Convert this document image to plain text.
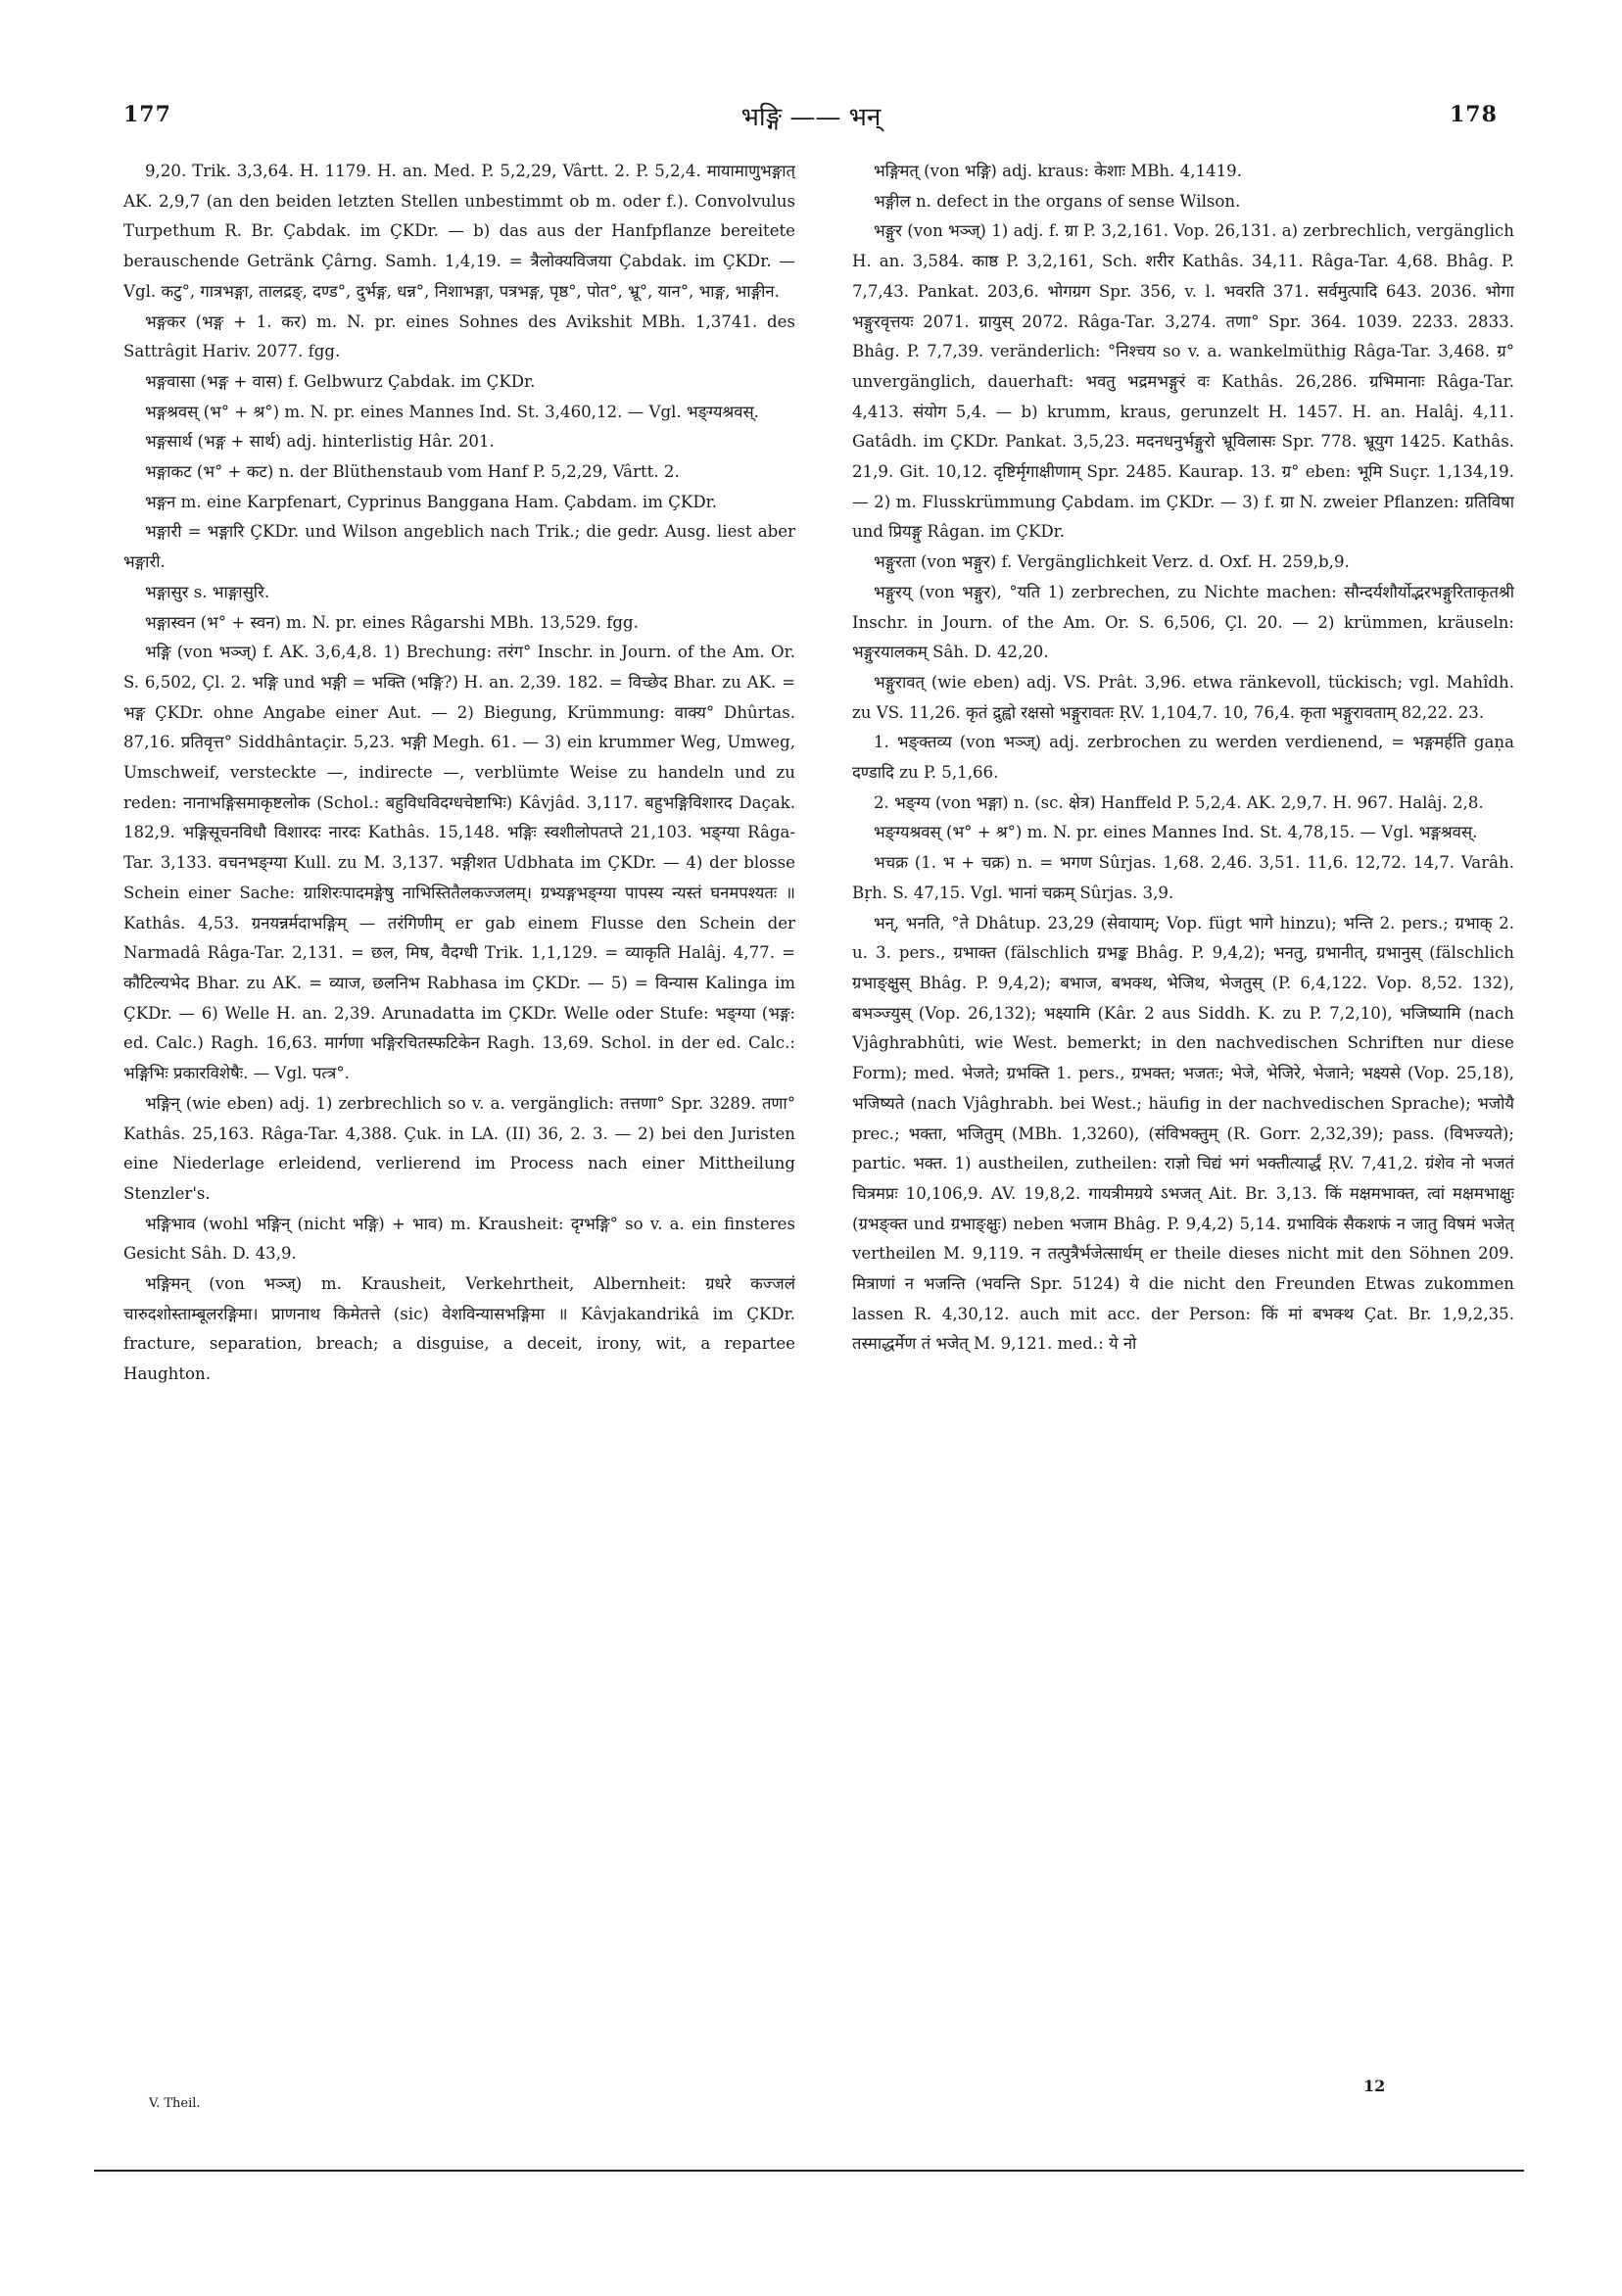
177	भङ्गि —— भन्	178

9,20. Trik. 3,3,64. H. 1179. H. an. Med. P. 5,2,29, Vârtt. 2. P. 5,2,4. मायामाणुभङ्गात् AK. 2,9,7 (an den beiden letzten Stellen unbestimmt ob m. oder f.). Convolvulus Turpethum R. Br. Çabdak. im ÇKDr. — b) das aus der Hanfpflanze bereitete berauschende Getränk Çârng. Samh. 1,4,19. = त्रैलोक्यविजया Çabdak. im ÇKDr. — Vgl. कटु°, गात्रभङ्गा, तालद्रङ्, दण्ड°, दुर्भङ्ग, धन्न°, निशाभङ्गा, पत्रभङ्ग, पृष्ठ°, पोत°, भ्रू°, यान°, भाङ्ग, भाङ्गीन.

भङ्गकर (भङ्ग + 1. कर) m. N. pr. eines Sohnes des Avikshit MBh. 1,3741. des Sattrâgit Hariv. 2077. fgg.

भङ्गवासा (भङ्ग + वास) f. Gelbwurz Çabdak. im ÇKDr.

भङ्गश्रवस् (भ° + श्र°) m. N. pr. eines Mannes Ind. St. 3,460,12. — Vgl. भङ्ग्यश्रवस्.

भङ्गसार्थ (भङ्ग + सार्थ) adj. hinterlistig Hâr. 201.

भङ्गाकट (भ° + कट) n. der Blüthenstaub vom Hanf P. 5,2,29, Vârtt. 2.

भङ्गन m. eine Karpfenart, Cyprinus Banggana Ham. Çabdam. im ÇKDr.

भङ्गारी = भङ्गारि ÇKDr. und Wilson angeblich nach Trik.; die gedr. Ausg. liest aber भङ्गारी.

भङ्गासुर s. भाङ्गासुरि.

भङ्गास्वन (भ° + स्वन) m. N. pr. eines Râgarshi MBh. 13,529. fgg.

भङ्गि (von भञ्ज्) f. AK. 3,6,4,8. 1) Brechung: तरंग° Inschr. in Journ. of the Am. Or. S. 6,502, Çl. 2. भङ्गि und भङ्गी = भक्ति (भङ्गि?) H. an. 2,39. 182. = विच्छेद Bhar. zu AK. = भङ्ग ÇKDr. ohne Angabe einer Aut. — 2) Biegung, Krümmung: वाक्य° Dhûrtas. 87,16. प्रतिवृत्त° Siddhântaçir. 5,23. भङ्गी Megh. 61. — 3) ein krummer Weg, Umweg, Umschweif, versteckte —, indirecte —, verblümte Weise zu handeln und zu reden: नानाभङ्गिसमाकृष्टलोक (Schol.: बहुविधविदग्धचेष्टाभिः) Kâvjâd. 3,117. बहुभङ्गिविशारद Daçak. 182,9. भङ्गिसूचनविधौ विशारदः नारदः Kathâs. 15,148. भङ्गिः स्वशीलोपतप्ते 21,103. भङ्ग्या Râga-Tar. 3,133. वचनभङ्ग्या Kull. zu M. 3,137. भङ्गीशत Udbhata im ÇKDr. — 4) der blosse Schein einer Sache: ग्राशिरःपादमङ्गेषु नाभिस्तितैलकज्जलम्। ग्रभ्यङ्गभङ्ग्या पापस्य न्यस्तं घनमपश्यतः ॥ Kathâs. 4,53. ग्रनयन्नर्मदाभङ्गिम् — तरंगिणीम् er gab einem Flusse den Schein der Narmadâ Râga-Tar. 2,131. = छल, मिष, वैदग्धी Trik. 1,1,129. = व्याकृति Halâj. 4,77. = कौटिल्यभेद Bhar. zu AK. = व्याज, छलनिभ Rabhasa im ÇKDr. — 5) = विन्यास Kalinga im ÇKDr. — 6) Welle H. an. 2,39. Arunadatta im ÇKDr. Welle oder Stufe: भङ्ग्या (भङ्ग: ed. Calc.) Ragh. 16,63. मार्गणा भङ्गिरचितस्फटिकेन Ragh. 13,69. Schol. in der ed. Calc.: भङ्गिभिः प्रकारविशेषैः. — Vgl. पत्त्र°.

भङ्गिन् (wie eben) adj. 1) zerbrechlich so v. a. vergänglich: तत्तणा° Spr. 3289. तणा° Kathâs. 25,163. Râga-Tar. 4,388. Çuk. in LA. (II) 36, 2. 3. — 2) bei den Juristen eine Niederlage erleidend, verlierend im Process nach einer Mittheilung Stenzler's.

भङ्गिभाव (wohl भङ्गिन् (nicht भङ्गि) + भाव) m. Krausheit: दृग्भङ्गि° so v. a. ein finsteres Gesicht Sâh. D. 43,9.

भङ्गिमन् (von भञ्ज्) m. Krausheit, Verkehrtheit, Albernheit: ग्रधरे कज्जलं चारुदशोस्ताम्बूलरङ्गिमा। प्राणनाथ किमेतत्ते (sic) वेशविन्यासभङ्गिमा ॥ Kâvjakandrikâ im ÇKDr. fracture, separation, breach; a disguise, a deceit, irony, wit, a repartee Haughton.

भङ्गिमत् (von भङ्गि) adj. kraus: केशाः MBh. 4,1419.

भङ्गील n. defect in the organs of sense Wilson.

भङ्गुर (von भञ्ज्) 1) adj. f. ग्रा P. 3,2,161. Vop. 26,131. a) zerbrechlich, vergänglich H. an. 3,584. काष्ठ P. 3,2,161, Sch. शरीर Kathâs. 34,11. Râga-Tar. 4,68. Bhâg. P. 7,7,43. Pankat. 203,6. भोगग्रग Spr. 356, v. l. भवरति 371. सर्वमुत्पादि 643. 2036. भोगा भङ्गुरवृत्तयः 2071. ग्रायुस् 2072. Râga-Tar. 3,274. तणा° Spr. 364. 1039. 2233. 2833. Bhâg. P. 7,7,39. veränderlich: °निश्चय so v. a. wankelmüthig Râga-Tar. 3,468. ग्र° unvergänglich, dauerhaft: भवतु भद्रमभङ्गुरं वः Kathâs. 26,286. ग्रभिमानाः Râga-Tar. 4,413. संयोग 5,4. — b) krumm, kraus, gerunzelt H. 1457. H. an. Halâj. 4,11. Gatâdh. im ÇKDr. Pankat. 3,5,23. मदनधनुर्भङ्गुरो भ्रूविलासः Spr. 778. भ्रूयुग 1425. Kathâs. 21,9. Git. 10,12. दृष्टिर्मृगाक्षीणाम् Spr. 2485. Kaurap. 13. ग्र° eben: भूमि Suçr. 1,134,19. — 2) m. Flusskrümmung Çabdam. im ÇKDr. — 3) f. ग्रा N. zweier Pflanzen: ग्रतिविषा und प्रियङ्गु Râgan. im ÇKDr.

भङ्गुरता (von भङ्गुर) f. Vergänglichkeit Verz. d. Oxf. H. 259,b,9.

भङ्गुरय् (von भङ्गुर), °यति 1) zerbrechen, zu Nichte machen: सौन्दर्यशौर्योद्भरभङ्गुरिताकृतश्री Inschr. in Journ. of the Am. Or. S. 6,506, Çl. 20. — 2) krümmen, kräuseln: भङ्गुरयालकम् Sâh. D. 42,20.

भङ्गुरावत् (wie eben) adj. VS. Prât. 3,96. etwa ränkevoll, tückisch; vgl. Mahîdh. zu VS. 11,26. कृतं द्रुह्वो रक्षसो भङ्गुरावतः ṚV. 1,104,7. 10, 76,4. कृता भङ्गुरावताम् 82,22. 23.

1. भङ्क्तव्य (von भञ्ज्) adj. zerbrochen zu werden verdienend, = भङ्गमर्हति gaṇa दण्डादि zu P. 5,1,66.

2. भङ्ग्य (von भङ्गा) n. (sc. क्षेत्र) Hanffeld P. 5,2,4. AK. 2,9,7. H. 967. Halâj. 2,8.

भङ्ग्यश्रवस् (भ° + श्र°) m. N. pr. eines Mannes Ind. St. 4,78,15. — Vgl. भङ्गश्रवस्.

भचक्र (1. भ + चक्र) n. = भगण Sûrjas. 1,68. 2,46. 3,51. 11,6. 12,72. 14,7. Varâh. Bṛh. S. 47,15. Vgl. भानां चक्रम् Sûrjas. 3,9.

भन्, भनति, °ते Dhâtup. 23,29 (सेवायाम्; Vop. fügt भागे hinzu); भन्ति 2. pers.; ग्रभाक् 2. u. 3. pers., ग्रभाक्त (fälschlich ग्रभङ्क Bhâg. P. 9,4,2); भनतु, ग्रभानीत्, ग्रभानुस् (fälschlich ग्रभाङ्क्षुस् Bhâg. P. 9,4,2); बभाज, बभक्थ, भेजिथ, भेजतुस् (P. 6,4,122. Vop. 8,52. 132), बभञ्ज्युस् (Vop. 26,132); भक्ष्यामि (Kâr. 2 aus Siddh. K. zu P. 7,2,10), भजिष्यामि (nach Vjâghrabhûti, wie West. bemerkt; in den nachvedischen Schriften nur diese Form); med. भेजते; ग्रभक्ति 1. pers., ग्रभक्त; भजतः; भेजे, भेजिरे, भेजाने; भक्ष्यसे (Vop. 25,18), भजिष्यते (nach Vjâghrabh. bei West.; häufig in der nachvedischen Sprache); भजोयै prec.; भक्ता, भजितुम् (MBh. 1,3260), (संविभक्तुम् (R. Gorr. 2,32,39); pass. (विभज्यते); partic. भक्त. 1) austheilen, zutheilen: राज्ञो चिद्यं भगं भक्तीत्यार्द्धं ṚV. 7,41,2. ग्रंशेव नो भजतं चित्रमप्रः 10,106,9. AV. 19,8,2. गायत्रीमग्रये ऽभजत् Ait. Br. 3,13. किं मक्षमभाक्त, त्वां मक्षमभाक्षुः (ग्रभङ्क्त und ग्रभाङ्क्षुः) neben भजाम Bhâg. P. 9,4,2) 5,14. ग्रभाविकं सैकशफं न जातु विषमं भजेत् vertheilen M. 9,119. न तत्पुत्रैर्भजेत्सार्धम् er theile dieses nicht mit den Söhnen 209. मित्राणां न भजन्ति (भवन्ति Spr. 5124) ये die nicht den Freunden Etwas zukommen lassen R. 4,30,12. auch mit acc. der Person: किं मां बभक्थ Çat. Br. 1,9,2,35. तस्माद्धर्मेण तं भजेत् M. 9,121. med.: ये नो

V. Theil.
12
